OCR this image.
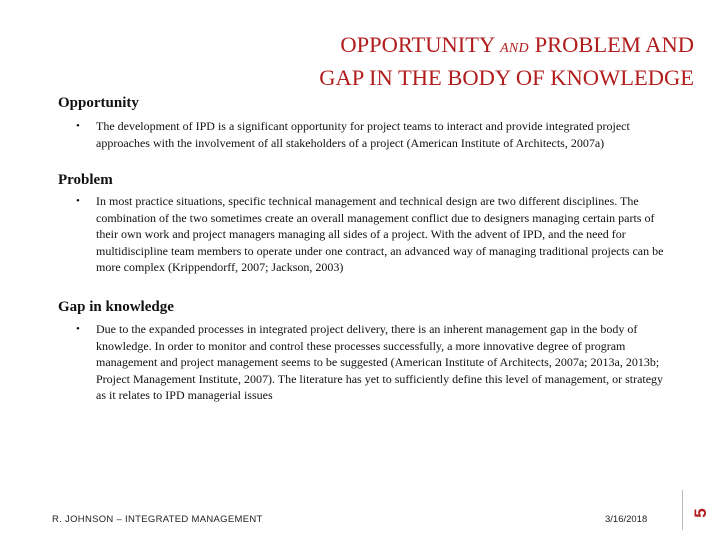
OPPORTUNITY AND PROBLEM AND
GAP IN THE BODY OF KNOWLEDGE
Opportunity
• The development of IPD is a significant opportunity for project teams to interact and provide integrated project approaches with the involvement of all stakeholders of a project (American Institute of Architects, 2007a)
Problem
• In most practice situations, specific technical management and technical design are two different disciplines. The combination of the two sometimes create an overall management conflict due to designers managing certain parts of their own work and project managers managing all sides of a project. With the advent of IPD, and the need for multidiscipline team members to operate under one contract, an advanced way of managing traditional projects can be more complex (Krippendorff, 2007; Jackson, 2003)
Gap in knowledge
• Due to the expanded processes in integrated project delivery, there is an inherent management gap in the body of knowledge. In order to monitor and control these processes successfully, a more innovative degree of program management and project management seems to be suggested (American Institute of Architects, 2007a; 2013a, 2013b; Project Management Institute, 2007). The literature has yet to sufficiently define this level of management, or strategy as it relates to IPD managerial issues
R. JOHNSON – INTEGRATED MANAGEMENT	3/16/2018
5
